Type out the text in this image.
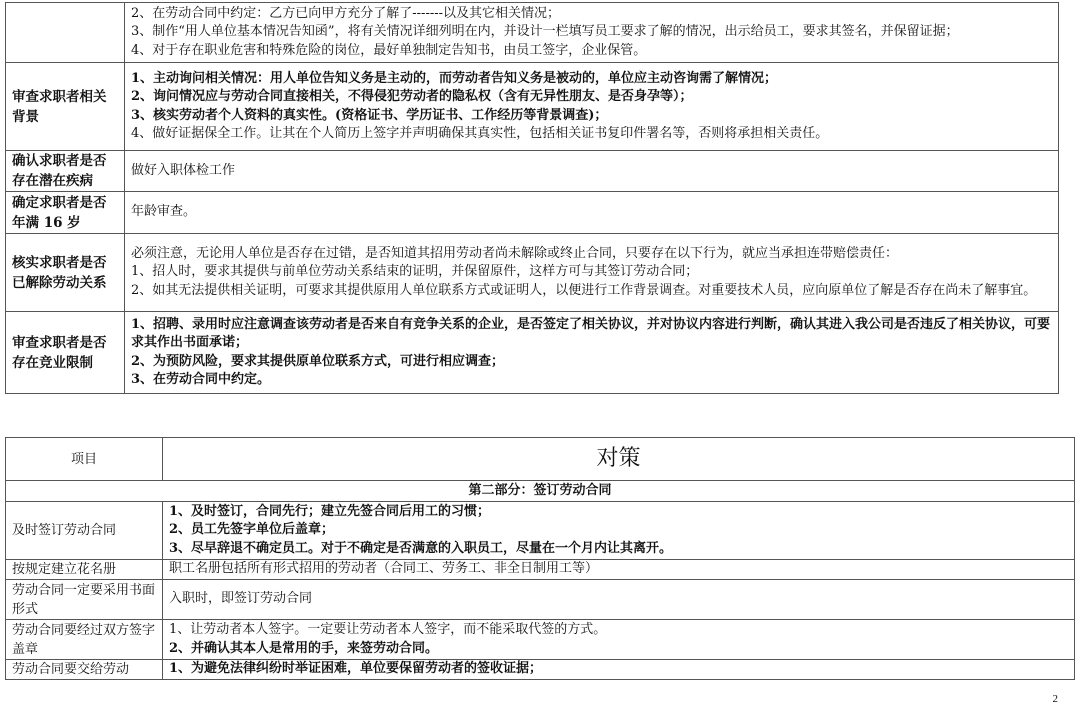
	2、在劳动合同中约定：乙方已向甲方充分了解了-------以及其它相关情况；
3、制作“用人单位基本情况告知函”，将有关情况详细列明在内，并设计一栏填写员工要求了解的情况，出示给员工，要求其签名，并保留证据；
4、对于存在职业危害和特殊危险的岗位，最好单独制定告知书，由员工签字，企业保管。

审查求职者相关背景	1、主动询问相关情况：用人单位告知义务是主动的，而劳动者告知义务是被动的，单位应主动咨询需了解情况；
2、询问情况应与劳动合同直接相关，不得侵犯劳动者的隐私权（含有无异性朋友、是否身孕等）；
3、核实劳动者个人资料的真实性。(资格证书、学历证书、工作经历等背景调查)；
4、做好证据保全工作。让其在个人简历上签字并声明确保其真实性，包括相关证书复印件署名等，否则将承担相关责任。

确认求职者是否存在潜在疾病	做好入职体检工作
确定求职者是否年满 16 岁	年龄审查。
核实求职者是否已解除劳动关系	必须注意，无论用人单位是否存在过错，是否知道其招用劳动者尚未解除或终止合同，只要存在以下行为，就应当承担连带赔偿责任：
1、招人时，要求其提供与前单位劳动关系结束的证明，并保留原件，这样方可与其签订劳动合同；
2、如其无法提供相关证明，可要求其提供原用人单位联系方式或证明人，以便进行工作背景调查。对重要技术人员，应向原单位了解是否存在尚未了解事宜。

审查求职者是否存在竞业限制	1、招聘、录用时应注意调查该劳动者是否来自有竞争关系的企业，是否签定了相关协议，并对协议内容进行判断，确认其进入我公司是否违反了相关协议，可要求其作出书面承诺；
2、为预防风险，要求其提供原单位联系方式，可进行相应调查；
3、在劳动合同中约定。
项目	对策
第二部分：签订劳动合同	
及时签订劳动合同	1、及时签订，合同先行；建立先签合同后用工的习惯；
2、员工先签字单位后盖章；
3、尽早辞退不确定员工。对于不确定是否满意的入职员工，尽量在一个月内让其离开。

按规定建立花名册	职工名册包括所有形式招用的劳动者（合同工、劳务工、非全日制用工等）
劳动合同一定要采用书面形式	入职时，即签订劳动合同
劳动合同要经过双方签字盖章	1、让劳动者本人签字。一定要让劳动者本人签字，而不能采取代签的方式。
2、并确认其本人是常用的手，来签劳动合同。

劳动合同要交给劳动	1、为避免法律纠纷时举证困难，单位要保留劳动者的签收证据；
2
